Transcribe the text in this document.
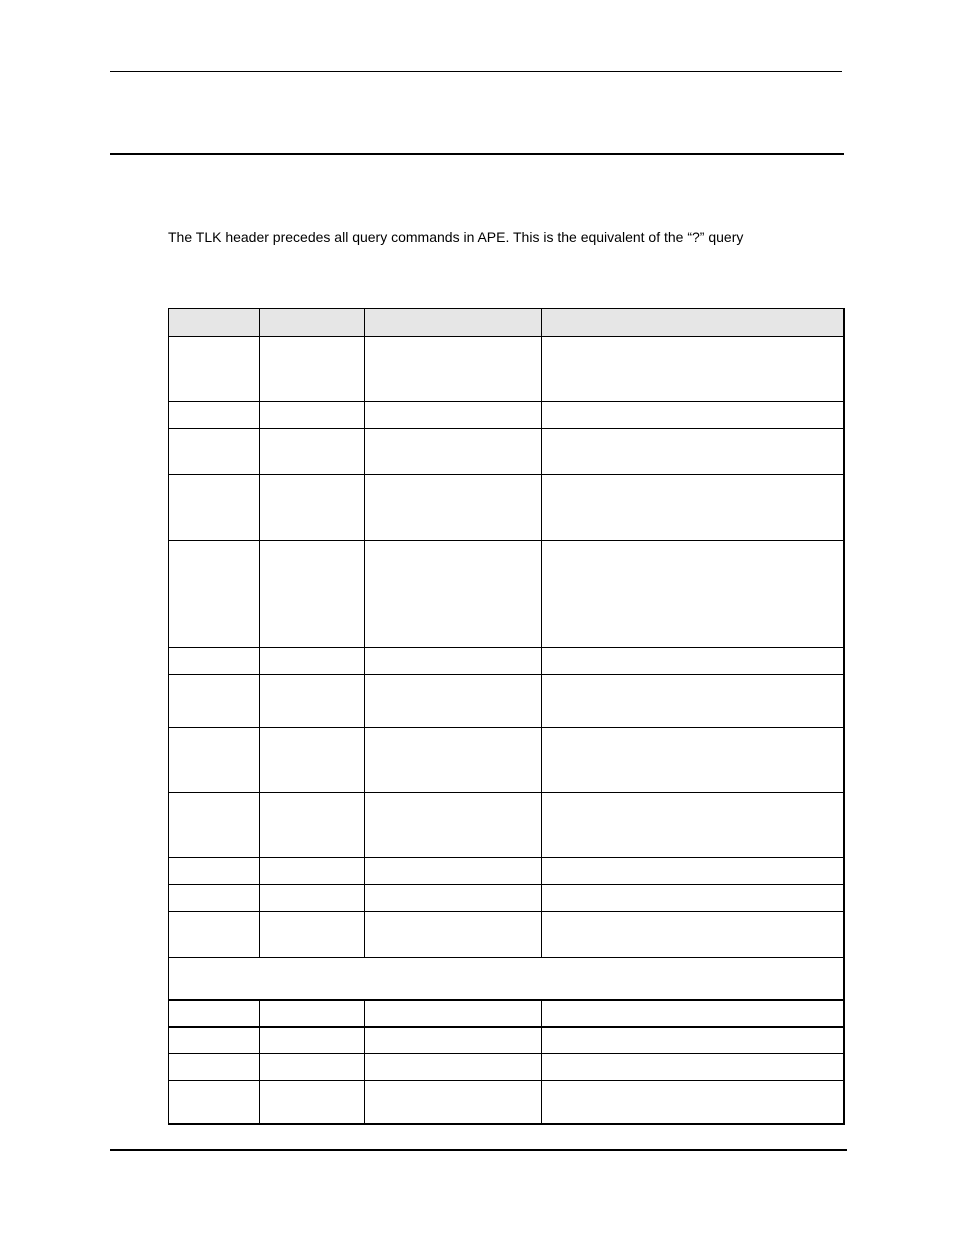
The TLK header precedes all query commands in APE. This is the equivalent of the “?” query
